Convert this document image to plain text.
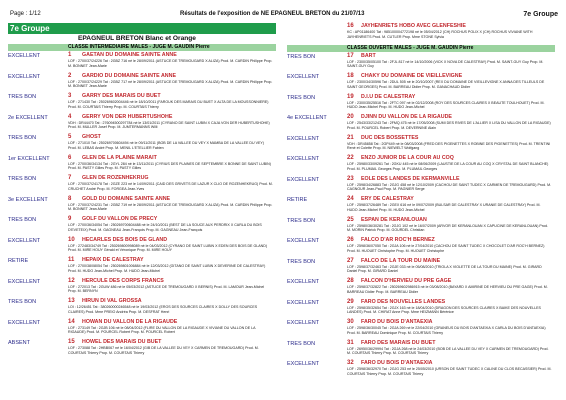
Page : 1/12	Résultats de l'exposition de NE EPAGNEUL BRETON du 21/07/13	7e Groupe
7e Groupe
EPAGNEUL BRETON Blanc et Orange
CLASSE INTERMEDIAIRE MALES - JUGE M. GAUDIN Pierre
EXCELLENT	1	GAETAN DU DOMAINE SAINTE ANNE
LOF : 2700/37/24226 Tat : 2GBZ 716 né le 28/09/2011 (ASTUCE DE TREMOUGARD X ALIZA) Prod. M. CARDIN Philippe Prop. M. BONNET Jean-Marie
EXCELLENT	2	GARDIO DU DOMAINE SAINTE ANNE
LOF : 2700/37/24229 Tat : 2GBZ 717 né le 28/09/2011 (ASTUCE DE TREMOUGARD X ALIZA) Prod. M. CARDIN Philippe Prop. M. BONNET Jean-Marie
TRES BON	3	GARRY DES MARAIS DU BUET
LOF : 271430 Tat : 250269602004446 né le 18/10/2011 (FAROUK DES MARAIS DU BUET X ALTA DE LA MOUSSONNIERE) Prod. M. COURTAIS Thierry Prop. M. COURTAIS Thierry
2e EXCELLENT	4	GERRY VON DER HUBERTUSHOHE
VDH : DR44470 Tat : 276094500297784 né le 13/01/2011 (CYRANO DE SAINT LUBIN X CAJA VON DER HUBERTUSHOHE) Prod. M. MULLER Josef Prop. M. JUMTERMANNS Willi
TRES BON	5	GHOST
LOF : 271010 Tat : 250269700604494 né le 09/11/2011 (BOB DE LA VALLEE DU VEY X MAMBA DE LA VALLEE DU VEY) Prod. M. LEBAS André Prop. M. MENIL L'ETELLIER Fabien
1er EXCELLENT	6	GLEN DE LA PLAINE MARAIT
LOF : 2700/36/34134 Tat : 2GYL 284 né le 13/11/2011 (CYRIUS DES PLAINES DE SEPTEMBRE X BONNE DE SAINT LUBIN) Prod. M. PASTY Gilles Prop. M. PASTY Gilles
TRES BON	7	GLEN DE ROZENHEKRUG
LOF : 2700/37/24178 Tat : 2GZE 223 né le 14/09/2011 (CAID DES GRIVETS DE LAZUR X CLIO DE ROZENHEKRUG) Prod. M. CRUCHET André Prop. M. FORGEA Jean-Yves
3e EXCELLENT	8	GOLD DU DOMAINE SAINTE ANNE
LOF : 2700/37/24231 Tat : 2GBZ 719 né le 28/09/2011 (ASTUCE DE TREMOUGARD X ALIZA) Prod. M. CARDIN Philippe Prop. M. BONNET Jean-Marie
TRES BON	9	GOLF DU VALLON DE PRECY
LOF : 2700/36/34054 Tat : 250269700604488 né le 24/10/2011 (BEST DE LA SOUCE AUX PERDRIX X CARLA DU BOIS D'EVETEIX) Prod. M. GAGNEAU Jean-François Prop. M. GAGNEAU Jean-François
EXCELLENT	10	HECARLES DES BOIS DE GLAND
LOF : 272483/34749 Tat : 250269800998089 né le 04/03/2012 (CYRANO DE SAINT LUBIN X EDEN DES BOIS DE GLAND) Prod. M. MIRE HOUY Gérald et Véronique Prop. M. MIRE HOUY
RETIRE	11	HEPAIX DE CALESTRAY
LOF : 2700/38/08054 Tat : 250269801006884 né le 12/03/2012 (GITANO DE SAINT LUBIN X DEVERINE DE CALESTRAY) Prod. M. HUDO Jean-Michel Prop. M. HUDO Jean-Michel
EXCELLENT	12	HERCULE DES CORPS FRANCS
LOF : 272013 Tat : 2GUW 486 né le 05/03/2012 (ASTUCE DE TREMOUGARD X BERNIS) Prod. M. LAMOUR Jean-Michel Prop. M. BERNYN
TRES BON	13	HIRUN DI VAL GROSSA
LOI : 12/26451 Tat : 380260000246548 né le 19/03/2012 (EROS DES SOURCES CLAIRES X DOLLY DES SOURCES CLAIRES) Prod. Mme PREIO Andréa Prop. M. DESFRAT Henri
EXCELLENT	14	HOWAN DU VALLON DE LA RIGAUDE
LOF : 273149 Tat : 2GJB 106 né le 08/04/2012 (FLIRE DU VALLON DE LA RIGAUDE X VIVIANE DU VALLON DE LA RIGAUDE) Prod. M. POURCEL Robert Prop. M. POURCEL Robert
ABSENT	15	HOWEL DES MARAIS DU BUET
LOF : 273088 Tat : 2HBB067 né le 16/04/2012 (GIB DE LA VALLEE DU VEY X CARMEN DE TREMOUGARD) Prod. M. COURTAIS Thierry Prop. M. COURTAIS Thierry
16	JAYHENRIETS HOBO AVEC GLENFESHIE
KC : AP01186400 Tat : 985100004772198 né le 05/04/2012 (CH) ROCHUS POLIX X (CH) ROCHUS VIVIANE WITH JAYHENRIETS Prod. M. CUTLER Prop. Mme STONE Sylvia
CLASSE OUVERTE MALES - JUGE M. GAUDIN Pierre
TRES BON	17	BART
LOF : 2300/35/05100 Tat : 2FJL 817 né le 14/10/2006 (VICK X NOVA DE CALESTRAY) Prod. M. SAINT-GUY Guy Prop. M. SAINT-GUY Guy
EXCELLENT	18	CHAKY DU DOMAINE DE VIEILLEVIGNE
LOF : 2300/34/30596 Tat : 2DUL 505 né le 20/10/2007 (REX DU DOMAINE DE VIEILLEVIGNE X ANNA DES TILLEULS DE SAINT GEORGES) Prod. M. BARREAU Didier Prop. M. GANACHAUD Didier
TRES BON	19	D.I.U DE CALESTRAY
LOF : 2300/35/25516 Tat : 2FTC 097 né le 02/12/2008 (ROY DES SOURCES CLAIRES X BEAUTE TOULHOUET) Prod. M. HUDO Jean-Michel Prop. M. HUDO Jean-Michel
4e EXCELLENT	20	DJINN DU VALLON DE LA RIGAUDE
LOF : 2543/33/21243 Tat : 2FMQ 475 né le 17/05/2008 (SUMI DES RIVES DE L'ALLIER X LISA DU VALLON DE LA RIGAUDE) Prod. M. POURCEL Robert Prop. M. DEVERNINE Alain
EXCELLENT	21	DUC DES BOSSETTES
VDH : DR45858 Tat : 2GP449 né le 08/03/2008 (FRED DES PIGENETTES X ROBINE DES PIGENETTES) Prod. M. TRENTINI René et Colette Prop. M. NIEWELT Wolfgang
EXCELLENT	22	ENZO JUNIOR DE LA COUR AU COQ
LOF : 25980/33/09261 Tat : 2GKU 445 né le 08/06/2009 (LAUSTIE DE LA COUR AU COQ X CRYSTAL DE SAINT BLANCHE) Prod. M. PLUMAIL Georges Prop. M. PLUMAIL Georges
EXCELLENT	23	EOLE DES LANDES DE KERMANVILLE
LOF : 2598/34/26883 Tat : 2GJG 458 né le 12/10/2009 (CACHOU DE SAINT TUDEC X CARMEN DE TREMOUGARD) Prod. M. CAGNOUR Jean-Paul Prop. M. PAGNIER Serge
RETIRE	24	ERY DE CALESTRAY
LOF : 2598/37/26489 Tat : 2GEX 616 né le 09/07/2009 (BULSAR DE CALESTRAY X URANIE DE CALESTRAY) Prod. M. HUDO Jean-Michel Prop. M. HUDO Jean-Michel
TRES BON	25	ESPAN DE KERANLOUAN
LOF : 25980/36/30281 Tat : 2GJG 102 né le 16/07/2009 (ARVOR DE KERANLOUAN X CAPUCINE DE KERANLOUAN) Prod. M. MORIN Patrick Prop. M. GOURDEL Christian
EXCELLENT	26	FALCO D'AR ROC'H BERNEZ
LOF : 2598/36/07050 Tat : 2GJA 106 né le 27/04/2010 (CACHOU DE SAINT TUDEC X CHOCOLET D'AR ROC'H BERNEZ) Prod. M. HUOUET Christophe Prop. M. HUOUET Christophe
TRES BON	27	FALCO DE LA TOUR DU MAINE
LOF : 2598/37/32463 Tat : 2GJE 033 né le 05/08/2010 (TRIOLA X VIOLETTE DE LA TOUR DU MAINE) Prod. M. GIRARD Daniel Prop. M. GIRARD Daniel
EXCELLENT	28	FALCON D'HERVIEU DU PRE GAGE
LOF : 2598/37/32822 Tat : 250269602986915 né le 03/08/2010 (BAYARD X AMIRINE DE HERVIEU DU PRE GAGE) Prod. M. BARREAU Didier Prop. M. BARREAU Didier
EXCELLENT	29	FARO DES NOUVELLES LANDES
LOF : 2598/35/32654 Tat : 2GJX 163 né le 18/04/2010 (DRAGON DES SOURCES CLAIRES X BAIKE DES NOUVELLES LANDES) Prod. M. CHIRAT Anne Prop. Mme HEIZMANN Bérénice
EXCELLENT	30	FARO DU BOIS D'ANTAEXIA
LOF : 2598/36/30045 Tat : 2GJA 269 né le 22/04/2010 (GRANEUS DU BOIS D'ANTAEXIA X CARLA DU BOIS D'ANTAEXIA) Prod. M. BARREAU Dominique Prop. M. COURTAIS Thierry
TRES BON	31	FARO DES MARAIS DU BUET
LOF : 26950/36/29994 Tat : 2GJA 268 né le 24/03/2010 (BOB DE LA VALLEE DU VEY X CARMEN DE TREMOUGARD) Prod. M. COURTAIS Thierry Prop. M. COURTAIS Thierry
EXCELLENT	32	FARO DU BOIS D'ANTAEXIA
LOF : 2598/36/32970 Tat : 2GJG 253 né le 25/05/2010 (URSON DE SAINT TUDEC X CALINE DU CLOS BECASSIER) Prod. M. COURTAIS Thierry Prop. M. COURTAIS Thierry
